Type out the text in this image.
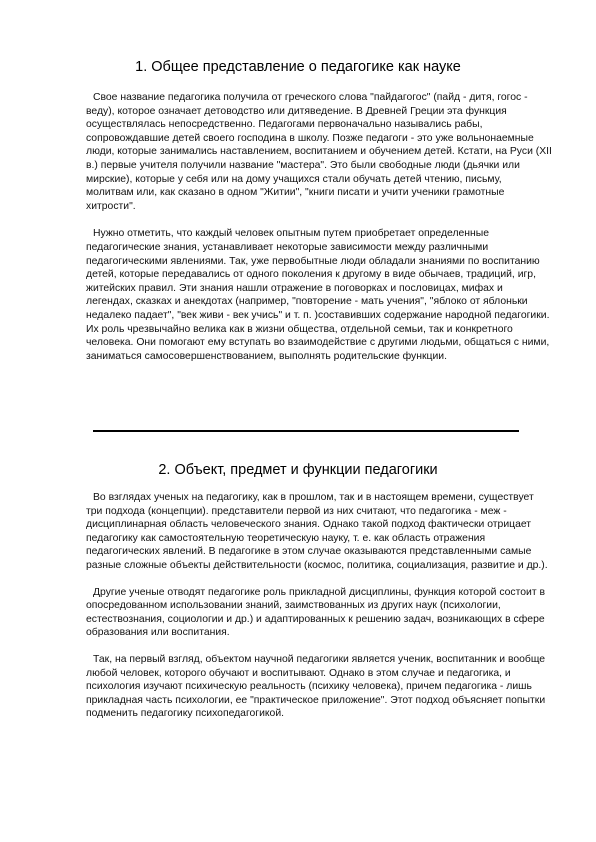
1. Общее представление о педагогике как науке

Свое название педагогика получила от греческого слова "пайдагогос" (пайд - дитя, гогос - веду), которое означает детоводство или дитяведение. В Древней Греции эта функция осуществлялась непосредственно. Педагогами первоначально назывались рабы, сопровождавшие детей своего господина в школу. Позже педагоги - это уже вольнонаемные люди, которые занимались наставлением, воспитанием и обучением детей. Кстати, на Руси (XII в.) первые учителя получили название "мастера". Это были свободные люди (дьячки или мирские), которые у себя или на дому учащихся стали обучать детей чтению, письму, молитвам или, как сказано в одном "Житии", "книги писати и учити ученики грамотные хитрости".

Нужно отметить, что каждый человек опытным путем приобретает определенные педагогические знания, устанавливает некоторые зависимости между различными педагогическими явлениями. Так, уже первобытные люди обладали знаниями по воспитанию детей, которые передавались от одного поколения к другому в виде обычаев, традиций, игр, житейских правил. Эти знания нашли отражение в поговорках и пословицах, мифах и легендах, сказках и анекдотах (например, "повторение - мать учения", "яблоко от яблоньки недалеко падает", "век живи - век учись" и т. п. )составивших содержание народной педагогики. Их роль чрезвычайно велика как в жизни общества, отдельной семьи, так и конкретного человека. Они помогают ему вступать во взаимодействие с другими людьми, общаться с ними, заниматься самосовершенствованием, выполнять родительские функции.

2. Объект, предмет и функции педагогики

Во взглядах ученых на педагогику, как в прошлом, так и в настоящем времени, существует три подхода (концепции). представители первой из них считают, что педагогика - меж - дисциплинарная область человеческого знания. Однако такой подход фактически отрицает педагогику как самостоятельную теоретическую науку, т. е. как область отражения педагогических явлений. В педагогике в этом случае оказываются представленными самые разные сложные объекты действительности (космос, политика, социализация, развитие и др.).

Другие ученые отводят педагогике роль прикладной дисциплины, функция которой состоит в опосредованном использовании знаний, заимствованных из других наук (психологии, естествознания, социологии и др.) и адаптированных к решению задач, возникающих в сфере образования или воспитания.

Так, на первый взгляд, объектом научной педагогики является ученик, воспитанник и вообще любой человек, которого обучают и воспитывают. Однако в этом случае и педагогика, и психология изучают психическую реальность (психику человека), причем педагогика - лишь прикладная часть психологии, ее "практическое приложение". Этот подход объясняет попытки подменить педагогику психопедагогикой.
